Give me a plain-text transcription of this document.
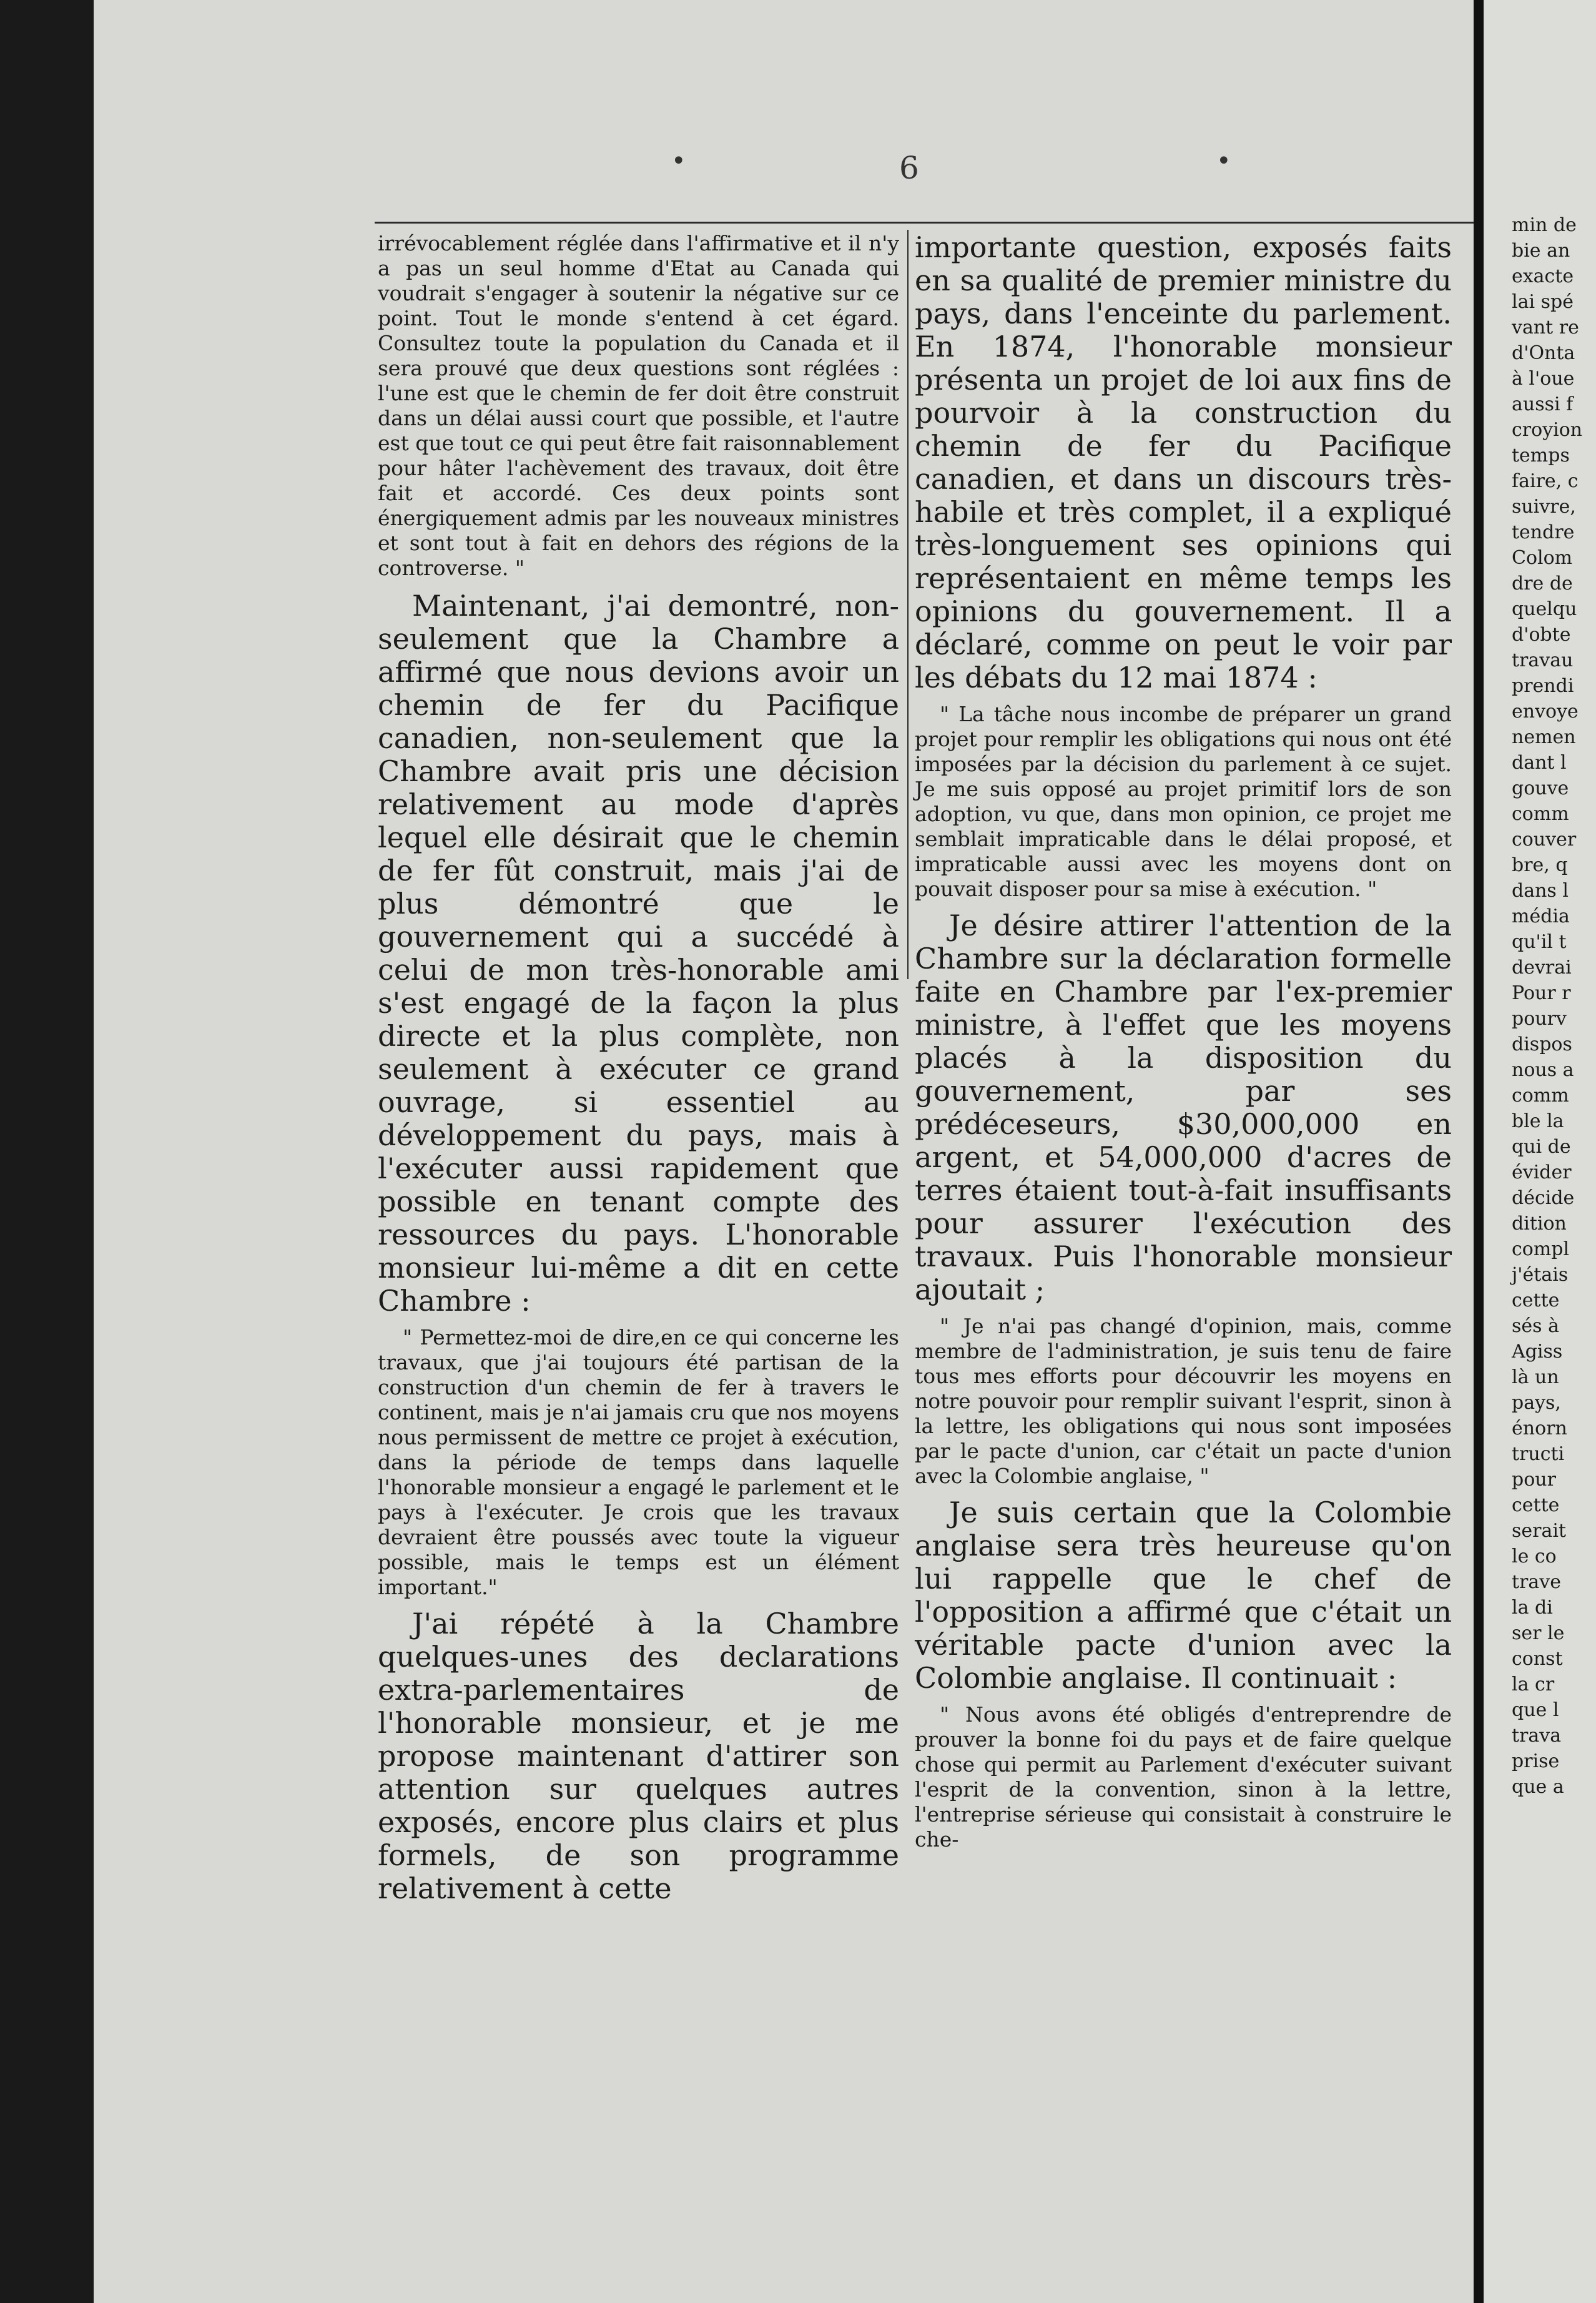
min de
bie an
exacte
lai spé
vant re
d'Onta
à l'oue
aussi f
croyion
temps
faire, c
suivre,
tendre
Colom
dre de
quelqu
d'obte
travau
prendi
envoye
nemen
dant l
gouve
comm
couver
bre, q
dans l
média
qu'il t
devrai
Pour r
pourv
dispos
nous a
comm
ble la
qui de
évider
décide
dition
compl
j'étais
cette
sés à
Agiss
là un
pays,
énorn
tructi
pour
cette
serait
le co
trave
la di
ser le
const
la cr
que l
trava
prise
que a
6
•	•

irrévocablement réglée dans l'affirmative et il n'y a pas un seul homme d'Etat au Canada qui voudrait s'engager à soutenir la négative sur ce point. Tout le monde s'entend à cet égard. Consultez toute la population du Canada et il sera prouvé que deux questions sont réglées : l'une est que le chemin de fer doit être construit dans un délai aussi court que possible, et l'autre est que tout ce qui peut être fait raisonnablement pour hâter l'achèvement des travaux, doit être fait et accordé. Ces deux points sont énergiquement admis par les nouveaux ministres et sont tout à fait en dehors des régions de la controverse. "

Maintenant, j'ai demontré, non-seulement que la Chambre a affirmé que nous devions avoir un chemin de fer du Pacifique canadien, non-seulement que la Chambre avait pris une décision relativement au mode d'après lequel elle désirait que le chemin de fer fût construit, mais j'ai de plus démontré que le gouvernement qui a succédé à celui de mon très-honorable ami s'est engagé de la façon la plus directe et la plus complète, non seulement à exécuter ce grand ouvrage, si essentiel au développement du pays, mais à l'exécuter aussi rapidement que possible en tenant compte des ressources du pays. L'honorable monsieur lui-même a dit en cette Chambre :

" Permettez-moi de dire,en ce qui concerne les travaux, que j'ai toujours été partisan de la construction d'un chemin de fer à travers le continent, mais je n'ai jamais cru que nos moyens nous permissent de mettre ce projet à exécution, dans la période de temps dans laquelle l'honorable monsieur a engagé le parlement et le pays à l'exécuter. Je crois que les travaux devraient être poussés avec toute la vigueur possible, mais le temps est un élément important."

J'ai répété à la Chambre quelques-unes des declarations extra-parlementaires de l'honorable monsieur, et je me propose maintenant d'attirer son attention sur quelques autres exposés, encore plus clairs et plus formels, de son programme relativement à cette

importante question, exposés faits en sa qualité de premier ministre du pays, dans l'enceinte du parlement. En 1874, l'honorable monsieur présenta un projet de loi aux fins de pourvoir à la construction du chemin de fer du Pacifique canadien, et dans un discours très-habile et très complet, il a expliqué très-longuement ses opinions qui représentaient en même temps les opinions du gouvernement. Il a déclaré, comme on peut le voir par les débats du 12 mai 1874 :

" La tâche nous incombe de préparer un grand projet pour remplir les obligations qui nous ont été imposées par la décision du parlement à ce sujet. Je me suis opposé au projet primitif lors de son adoption, vu que, dans mon opinion, ce projet me semblait impraticable dans le délai proposé, et impraticable aussi avec les moyens dont on pouvait disposer pour sa mise à exécution. "

Je désire attirer l'attention de la Chambre sur la déclaration formelle faite en Chambre par l'ex-premier ministre, à l'effet que les moyens placés à la disposition du gouvernement, par ses prédéceseurs, $30,000,000 en argent, et 54,000,000 d'acres de terres étaient tout-à-fait insuffisants pour assurer l'exécution des travaux. Puis l'honorable monsieur ajoutait ;

" Je n'ai pas changé d'opinion, mais, comme membre de l'administration, je suis tenu de faire tous mes efforts pour découvrir les moyens en notre pouvoir pour remplir suivant l'esprit, sinon à la lettre, les obligations qui nous sont imposées par le pacte d'union, car c'était un pacte d'union avec la Colombie anglaise, "

Je suis certain que la Colombie anglaise sera très heureuse qu'on lui rappelle que le chef de l'opposition a affirmé que c'était un véritable pacte d'union avec la Colombie anglaise. Il continuait :

" Nous avons été obligés d'entreprendre de prouver la bonne foi du pays et de faire quelque chose qui permit au Parlement d'exécuter suivant l'esprit de la convention, sinon à la lettre, l'entreprise sérieuse qui consistait à construire le che-
